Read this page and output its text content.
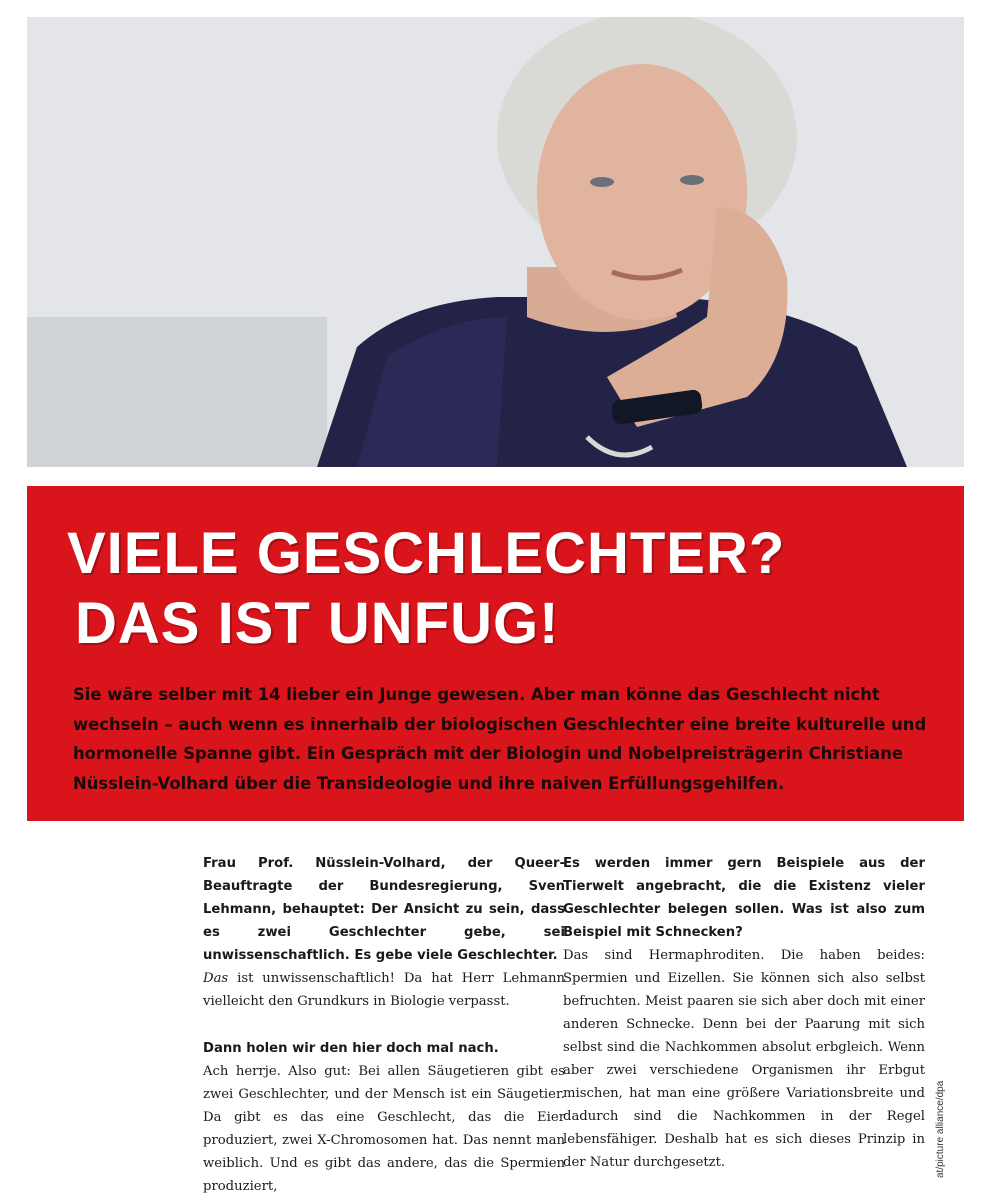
VIELE GESCHLECHTER?
DAS IST UNFUG!

Sie wäre selber mit 14 lieber ein Junge gewesen. Aber man könne das Geschlecht nicht wechseln – auch wenn es innerhalb der biologischen Geschlechter eine breite kulturelle und hormonelle Spanne gibt. Ein Gespräch mit der Biologin und Nobelpreisträgerin Christiane Nüsslein-Volhard über die Transideologie und ihre naiven Erfüllungsgehilfen.

Frau Prof. Nüsslein-Volhard, der Queer-Beauftragte der Bundesregierung, Sven Lehmann, behauptet: Der Ansicht zu sein, dass es zwei Geschlechter gebe, sei unwissenschaftlich. Es gebe viele Geschlechter.

Das ist unwissenschaftlich! Da hat Herr Lehmann vielleicht den Grundkurs in Biologie verpasst.

Dann holen wir den hier doch mal nach.

Ach herrje. Also gut: Bei allen Säugetieren gibt es zwei Geschlechter, und der Mensch ist ein Säugetier. Da gibt es das eine Geschlecht, das die Eier produziert, zwei X-Chromosomen hat. Das nennt man weiblich. Und es gibt das andere, das die Spermien produziert,

Es werden immer gern Beispiele aus der Tierwelt angebracht, die die Existenz vieler Geschlechter belegen sollen. Was ist also zum Beispiel mit Schnecken?

Das sind Hermaphroditen. Die haben beides: Spermien und Eizellen. Sie können sich also selbst befruchten. Meist paaren sie sich aber doch mit einer anderen Schnecke. Denn bei der Paarung mit sich selbst sind die Nachkommen absolut erbgleich. Wenn aber zwei verschiedene Organismen ihr Erbgut mischen, hat man eine größere Variationsbreite und dadurch sind die Nachkommen in der Regel lebensfähiger. Deshalb hat es sich dieses Prinzip in der Natur durchgesetzt.	at/picture alliance/dpa
